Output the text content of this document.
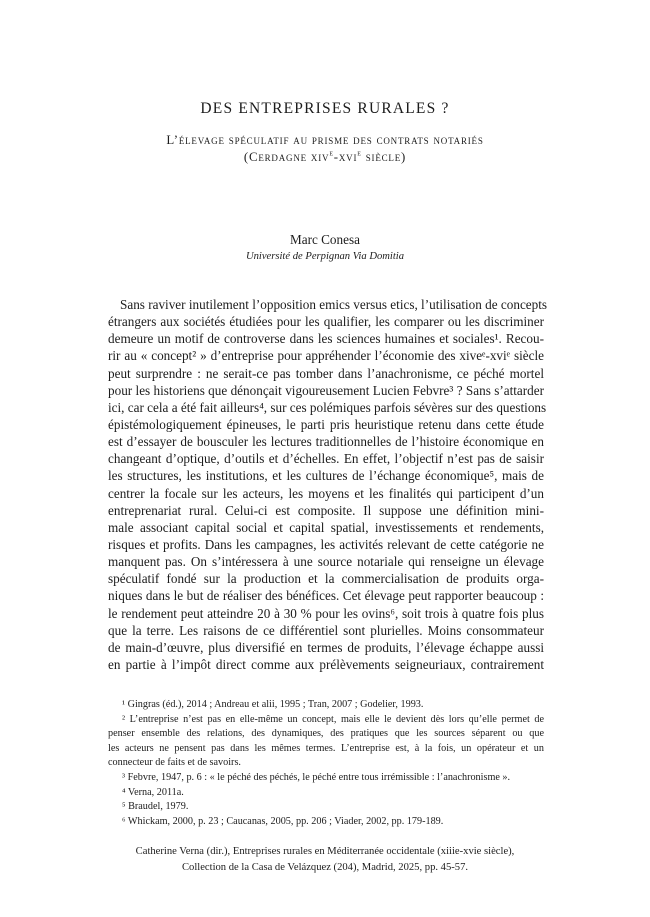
DES ENTREPRISES RURALES ?
L’élevage spéculatif au prisme des contrats notariés
(Cerdagne xiv$^e$-xvi$^e$ siècle)
Marc Conesa
Université de Perpignan Via Domitia
Sans raviver inutilement l’opposition emics versus etics, l’utilisation de concepts
étrangers aux sociétés étudiées pour les qualifier, les comparer ou les discriminer
demeure un motif de controverse dans les sciences humaines et sociales¹. Recou-
rir au « concept² » d’entreprise pour appréhender l’économie des xiveᵉ-xviᵉ siècle
peut surprendre : ne serait-ce pas tomber dans l’anachronisme, ce péché mortel
pour les historiens que dénonçait vigoureusement Lucien Febvre³ ? Sans s’attarder
ici, car cela a été fait ailleurs⁴, sur ces polémiques parfois sévères sur des questions
épistémologiquement épineuses, le parti pris heuristique retenu dans cette étude
est d’essayer de bousculer les lectures traditionnelles de l’histoire économique en
changeant d’optique, d’outils et d’échelles. En effet, l’objectif n’est pas de saisir
les structures, les institutions, et les cultures de l’échange économique⁵, mais de
centrer la focale sur les acteurs, les moyens et les finalités qui participent d’un
entreprenariat rural. Celui-ci est composite. Il suppose une définition mini-
male associant capital social et capital spatial, investissements et rendements,
risques et profits. Dans les campagnes, les activités relevant de cette catégorie ne
manquent pas. On s’intéressera à une source notariale qui renseigne un élevage
spéculatif fondé sur la production et la commercialisation de produits orga-
niques dans le but de réaliser des bénéfices. Cet élevage peut rapporter beaucoup :
le rendement peut atteindre 20 à 30 % pour les ovins⁶, soit trois à quatre fois plus
que la terre. Les raisons de ce différentiel sont plurielles. Moins consommateur
de main-d’œuvre, plus diversifié en termes de produits, l’élevage échappe aussi
en partie à l’impôt direct comme aux prélèvements seigneuriaux, contrairement
¹ Gingras (éd.), 2014 ; Andreau et alii, 1995 ; Tran, 2007 ; Godelier, 1993.
² L’entreprise n’est pas en elle-même un concept, mais elle le devient dès lors qu’elle permet de
penser ensemble des relations, des dynamiques, des pratiques que les sources séparent ou que
les acteurs ne pensent pas dans les mêmes termes. L’entreprise est, à la fois, un opérateur et un
connecteur de faits et de savoirs.
³ Febvre, 1947, p. 6 : « le péché des péchés, le péché entre tous irrémissible : l’anachronisme ».
⁴ Verna, 2011a.
⁵ Braudel, 1979.
⁶ Whickam, 2000, p. 23 ; Caucanas, 2005, pp. 206 ; Viader, 2002, pp. 179-189.
Catherine Verna (dir.), Entreprises rurales en Méditerranée occidentale (xiiie-xvie siècle),
Collection de la Casa de Velázquez (204), Madrid, 2025, pp. 45-57.
